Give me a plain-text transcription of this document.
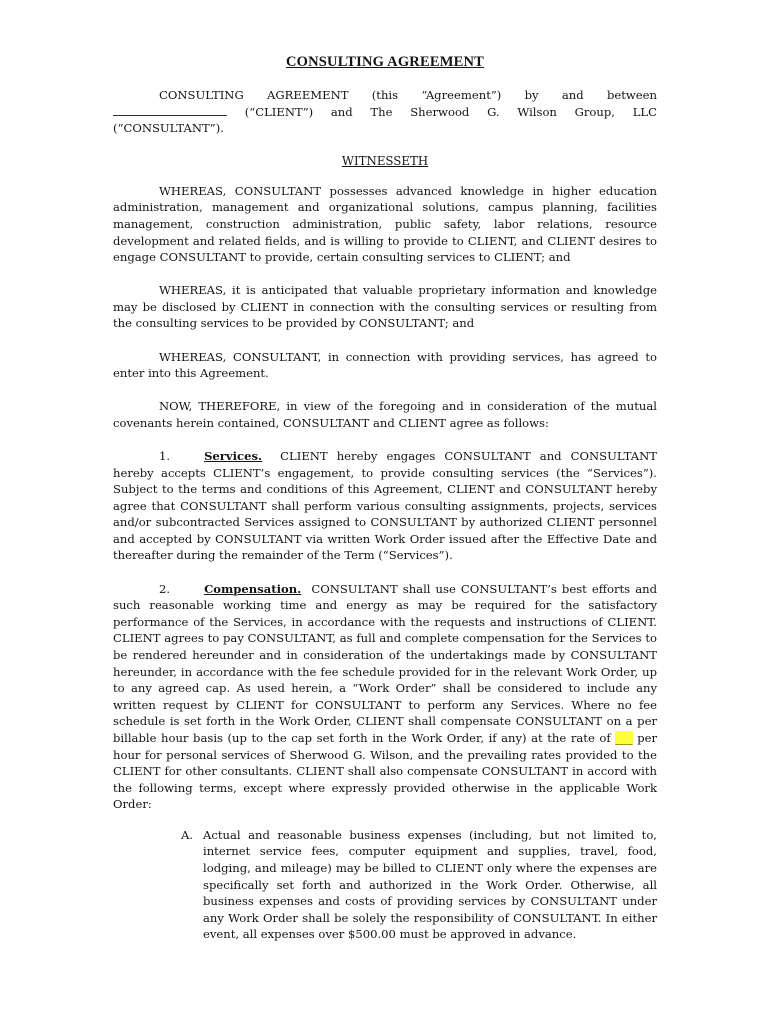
CONSULTING AGREEMENT

CONSULTING AGREEMENT (this “Agreement”) by and between  (“CLIENT”) and The Sherwood G. Wilson Group, LLC (“CONSULTANT”).

WITNESSETH

WHEREAS, CONSULTANT possesses advanced knowledge in higher education administration, management and organizational solutions, campus planning, facilities management, construction administration, public safety, labor relations, resource development and related fields, and is willing to provide to CLIENT, and CLIENT desires to engage CONSULTANT to provide, certain consulting services to CLIENT; and

WHEREAS, it is anticipated that valuable proprietary information and knowledge may be disclosed by CLIENT in connection with the consulting services or resulting from the consulting services to be provided by CONSULTANT; and

WHEREAS, CONSULTANT, in connection with providing services, has agreed to enter into this Agreement.

NOW, THEREFORE, in view of the foregoing and in consideration of the mutual covenants herein contained, CONSULTANT and CLIENT agree as follows:

1.	Services. CLIENT hereby engages CONSULTANT and CONSULTANT hereby accepts CLIENT’s engagement, to provide consulting services (the “Services”). Subject to the terms and conditions of this Agreement, CLIENT and CONSULTANT hereby agree that CONSULTANT shall perform various consulting assignments, projects, services and/or subcontracted Services assigned to CONSULTANT by authorized CLIENT personnel and accepted by CONSULTANT via written Work Order issued after the Effective Date and thereafter during the remainder of the Term (“Services”).

2.	Compensation. CONSULTANT shall use CONSULTANT’s best efforts and such reasonable working time and energy as may be required for the satisfactory performance of the Services, in accordance with the requests and instructions of CLIENT. CLIENT agrees to pay CONSULTANT, as full and complete compensation for the Services to be rendered hereunder and in consideration of the undertakings made by CONSULTANT hereunder, in accordance with the fee schedule provided for in the relevant Work Order, up to any agreed cap. As used herein, a “Work Order” shall be considered to include any written request by CLIENT for CONSULTANT to perform any Services. Where no fee schedule is set forth in the Work Order, CLIENT shall compensate CONSULTANT on a per billable hour basis (up to the cap set forth in the Work Order, if any) at the rate of ___ per hour for personal services of Sherwood G. Wilson, and the prevailing rates provided to the CLIENT for other consultants. CLIENT shall also compensate CONSULTANT in accord with the following terms, except where expressly provided otherwise in the applicable Work Order:

A. Actual and reasonable business expenses (including, but not limited to, internet service fees, computer equipment and supplies, travel, food, lodging, and mileage) may be billed to CLIENT only where the expenses are specifically set forth and authorized in the Work Order. Otherwise, all business expenses and costs of providing services by CONSULTANT under any Work Order shall be solely the responsibility of CONSULTANT. In either event, all expenses over $500.00 must be approved in advance.
